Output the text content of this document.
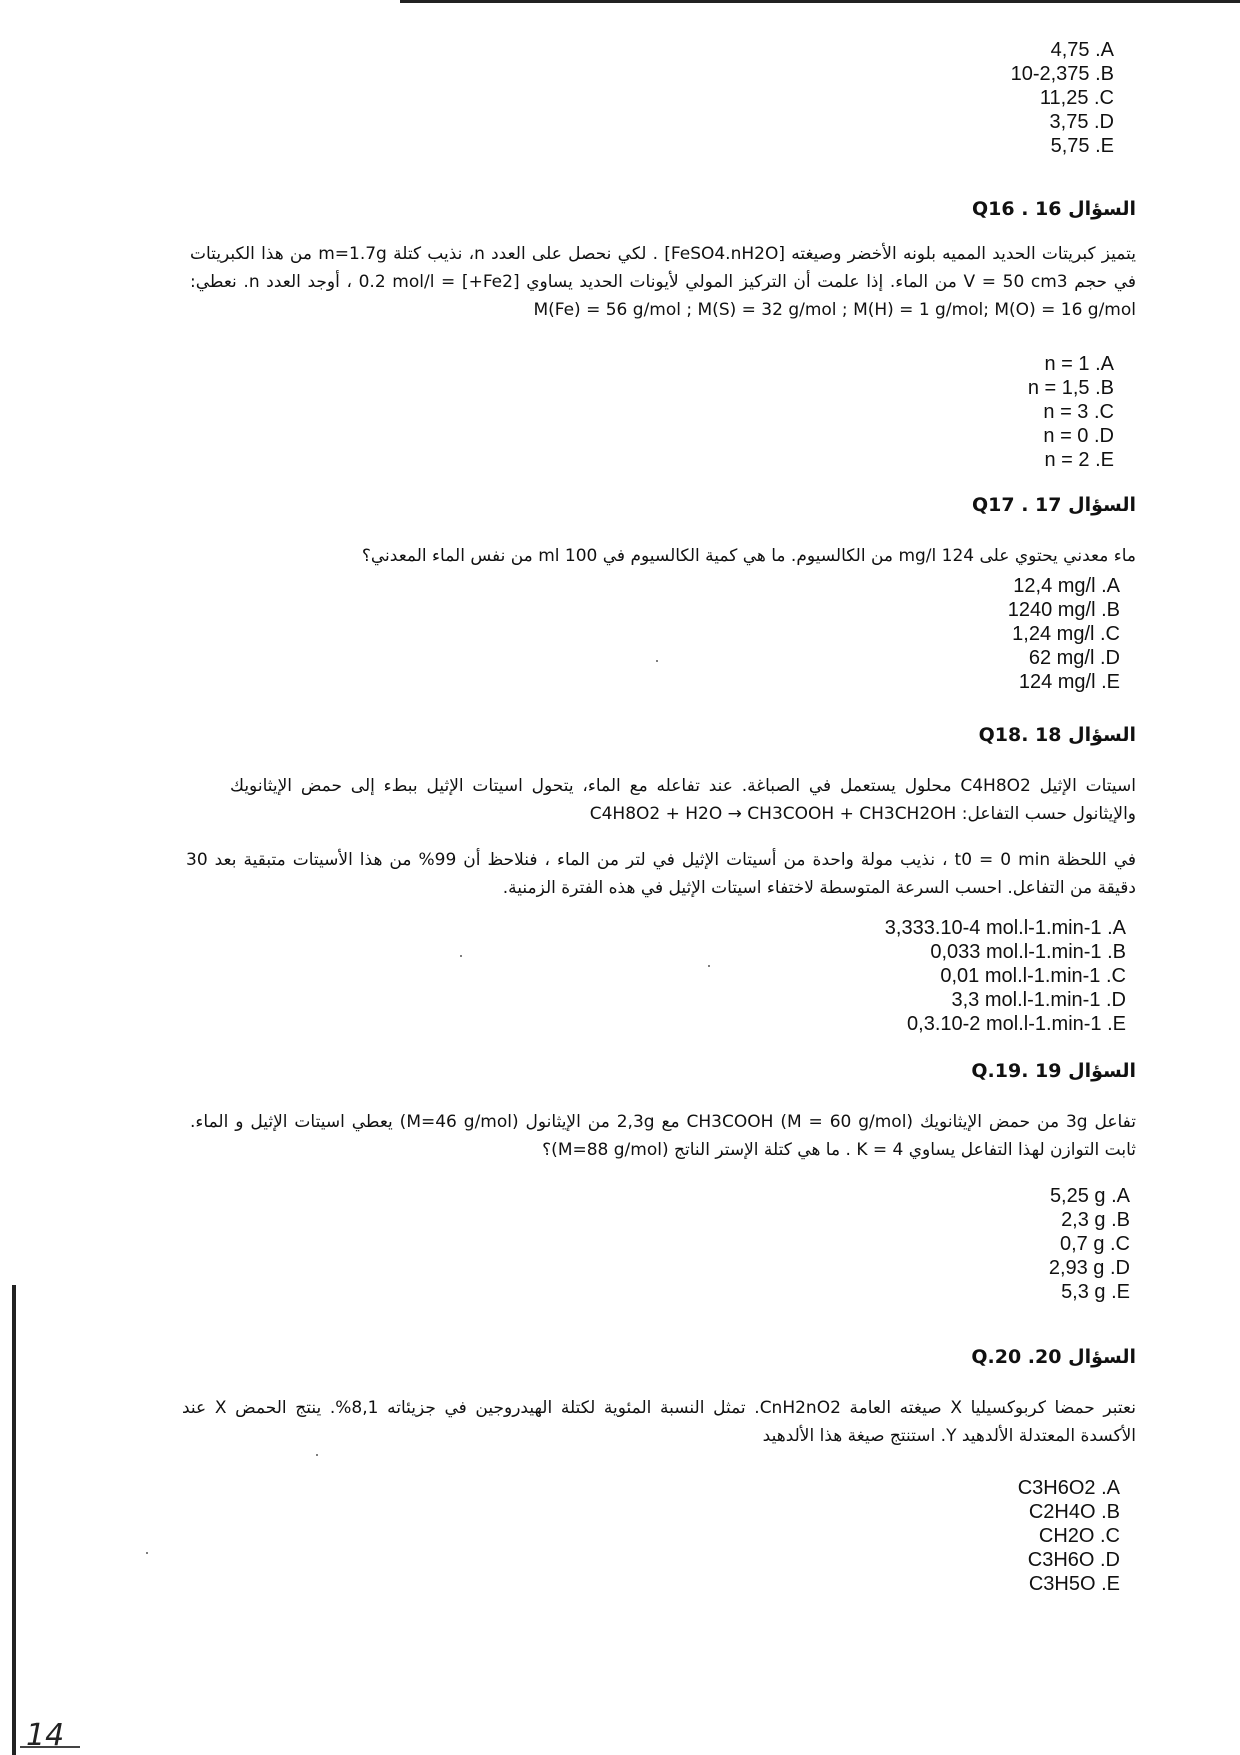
4,75 .A
10-2,375 .B
11,25 .C
3,75 .D
5,75 .E
السؤال 16 . Q16

يتميز كبريتات الحديد المميه بلونه الأخضر وصيغته [FeSO4.nH2O] . لكي نحصل على العدد n، نذيب كتلة m=1.7g من هذا الكبريتات في حجم V = 50 cm3 من الماء. إذا علمت أن التركيز المولي لأيونات الحديد يساوي [Fe2+] = 0.2 mol/l ، أوجد العدد n. نعطي: M(Fe) = 56 g/mol ; M(S) = 32 g/mol ; M(H) = 1 g/mol; M(O) = 16 g/mol

n = 1 .A
n = 1,5 .B
n = 3 .C
n = 0 .D
n = 2 .E
السؤال 17 . Q17

ماء معدني يحتوي على 124 mg/l من الكالسيوم. ما هي كمية الكالسيوم في 100 ml من نفس الماء المعدني؟

12,4 mg/l .A
1240 mg/l .B
1,24 mg/l .C
62 mg/l .D
124 mg/l .E
السؤال 18 .Q18

اسيتات الإثيل C4H8O2 محلول يستعمل في الصباغة. عند تفاعله مع الماء، يتحول اسيتات الإثيل ببطء إلى حمض الإيثانويك والإيثانول حسب التفاعل: C4H8O2 + H2O → CH3COOH + CH3CH2OH

في اللحظة t0 = 0 min ، نذيب مولة واحدة من أسيتات الإثيل في لتر من الماء ، فنلاحظ أن 99% من هذا الأسيتات متبقية بعد 30 دقيقة من التفاعل. احسب السرعة المتوسطة لاختفاء اسيتات الإثيل في هذه الفترة الزمنية.

3,333.10-4 mol.l-1.min-1 .A
0,033 mol.l-1.min-1 .B
0,01 mol.l-1.min-1 .C
3,3 mol.l-1.min-1 .D
0,3.10-2 mol.l-1.min-1 .E
السؤال 19 .Q.19

تفاعل 3g من حمض الإيثانويك CH3COOH (M = 60 g/mol) مع 2,3g من الإيثانول (M=46 g/mol) يعطي اسيتات الإثيل و الماء. ثابت التوازن لهذا التفاعل يساوي K = 4 . ما هي كتلة الإستر الناتج (M=88 g/mol)؟

5,25 g .A
2,3 g .B
0,7 g .C
2,93 g .D
5,3 g .E
السؤال 20. Q.20

نعتبر حمضا كربوكسيليا X صيغته العامة CnH2nO2. تمثل النسبة المئوية لكتلة الهيدروجين في جزيئاته 8,1%. ينتج الحمض X عند الأكسدة المعتدلة الألدهيد Y. استنتج صيغة هذا الألدهيد

C3H6O2 .A
C2H4O .B
CH2O .C
C3H6O .D
C3H5O .E
14
